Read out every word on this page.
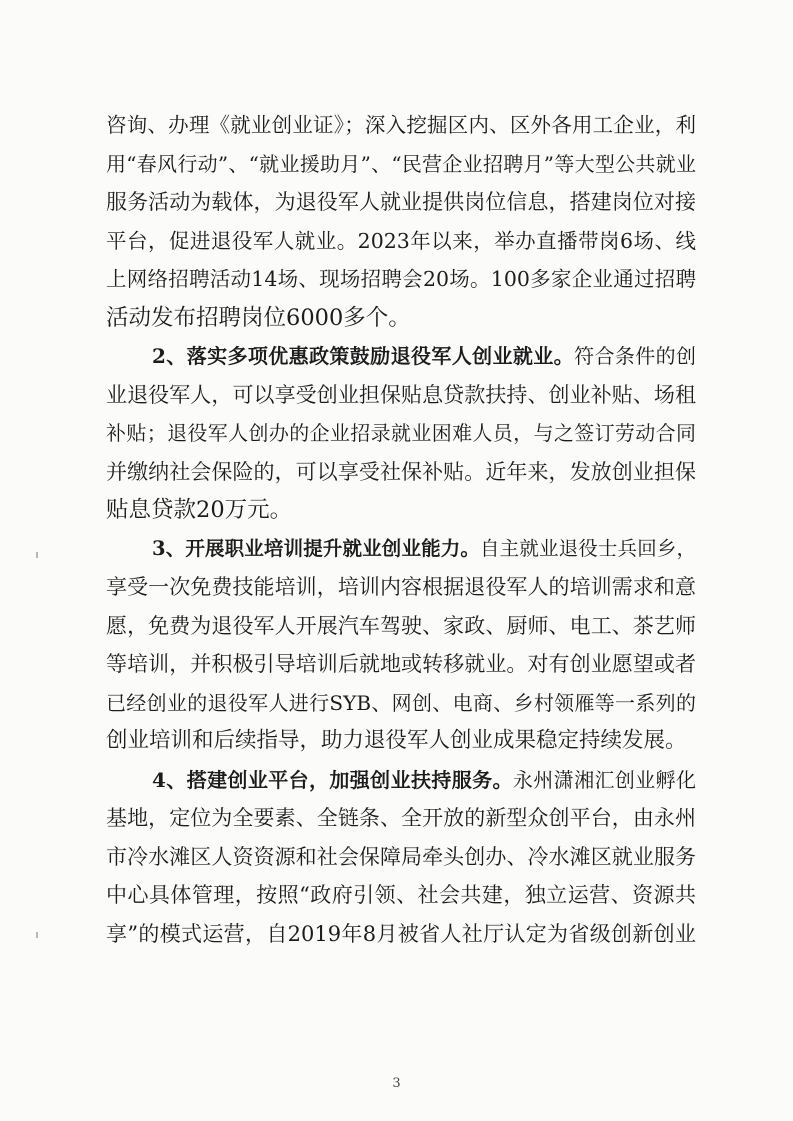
咨询、办理《就业创业证》；深入挖掘区内、区外各用工企业，利
用“春风行动”、“就业援助月”、“民营企业招聘月”等大型公共就业
服务活动为载体，为退役军人就业提供岗位信息，搭建岗位对接
平台，促进退役军人就业。2023年以来，举办直播带岗6场、线
上网络招聘活动14场、现场招聘会20场。100多家企业通过招聘
活动发布招聘岗位6000多个。
2、落实多项优惠政策鼓励退役军人创业就业。符合条件的创
业退役军人，可以享受创业担保贴息贷款扶持、创业补贴、场租
补贴；退役军人创办的企业招录就业困难人员，与之签订劳动合同
并缴纳社会保险的，可以享受社保补贴。近年来，发放创业担保
贴息贷款20万元。
3、开展职业培训提升就业创业能力。自主就业退役士兵回乡，
享受一次免费技能培训，培训内容根据退役军人的培训需求和意
愿，免费为退役军人开展汽车驾驶、家政、厨师、电工、茶艺师
等培训，并积极引导培训后就地或转移就业。对有创业愿望或者
已经创业的退役军人进行SYB、网创、电商、乡村领雁等一系列的
创业培训和后续指导，助力退役军人创业成果稳定持续发展。
4、搭建创业平台，加强创业扶持服务。永州潇湘汇创业孵化
基地，定位为全要素、全链条、全开放的新型众创平台，由永州
市冷水滩区人资资源和社会保障局牵头创办、冷水滩区就业服务
中心具体管理，按照“政府引领、社会共建，独立运营、资源共
3
享”的模式运营，自2019年8月被省人社厅认定为省级创新创业
